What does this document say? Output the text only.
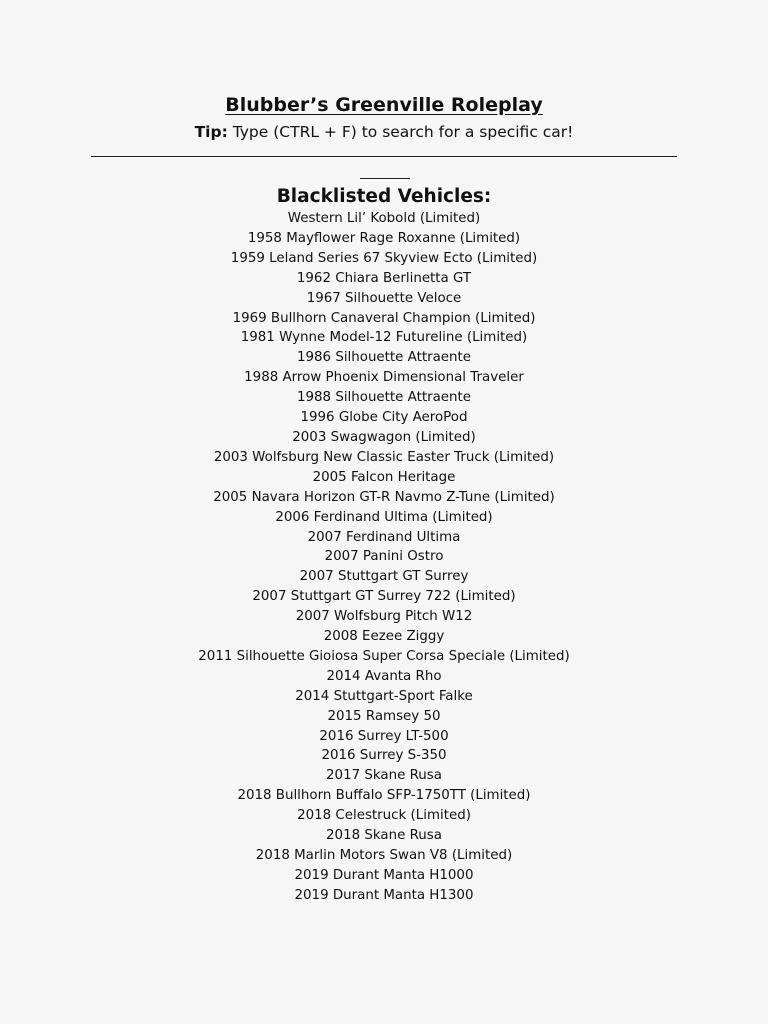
Blubber’s Greenville Roleplay
Tip: Type (CTRL + F) to search for a specific car!
Blacklisted Vehicles:
Western Lil’ Kobold (Limited)
1958 Mayflower Rage Roxanne (Limited)
1959 Leland Series 67 Skyview Ecto (Limited)
1962 Chiara Berlinetta GT
1967 Silhouette Veloce
1969 Bullhorn Canaveral Champion (Limited)
1981 Wynne Model-12 Futureline (Limited)
1986 Silhouette Attraente
1988 Arrow Phoenix Dimensional Traveler
1988 Silhouette Attraente
1996 Globe City AeroPod
2003 Swagwagon (Limited)
2003 Wolfsburg New Classic Easter Truck (Limited)
2005 Falcon Heritage
2005 Navara Horizon GT-R Navmo Z-Tune (Limited)
2006 Ferdinand Ultima (Limited)
2007 Ferdinand Ultima
2007 Panini Ostro
2007 Stuttgart GT Surrey
2007 Stuttgart GT Surrey 722 (Limited)
2007 Wolfsburg Pitch W12
2008 Eezee Ziggy
2011 Silhouette Gioiosa Super Corsa Speciale (Limited)
2014 Avanta Rho
2014 Stuttgart-Sport Falke
2015 Ramsey 50
2016 Surrey LT-500
2016 Surrey S-350
2017 Skane Rusa
2018 Bullhorn Buffalo SFP-1750TT (Limited)
2018 Celestruck (Limited)
2018 Skane Rusa
2018 Marlin Motors Swan V8 (Limited)
2019 Durant Manta H1000
2019 Durant Manta H1300
